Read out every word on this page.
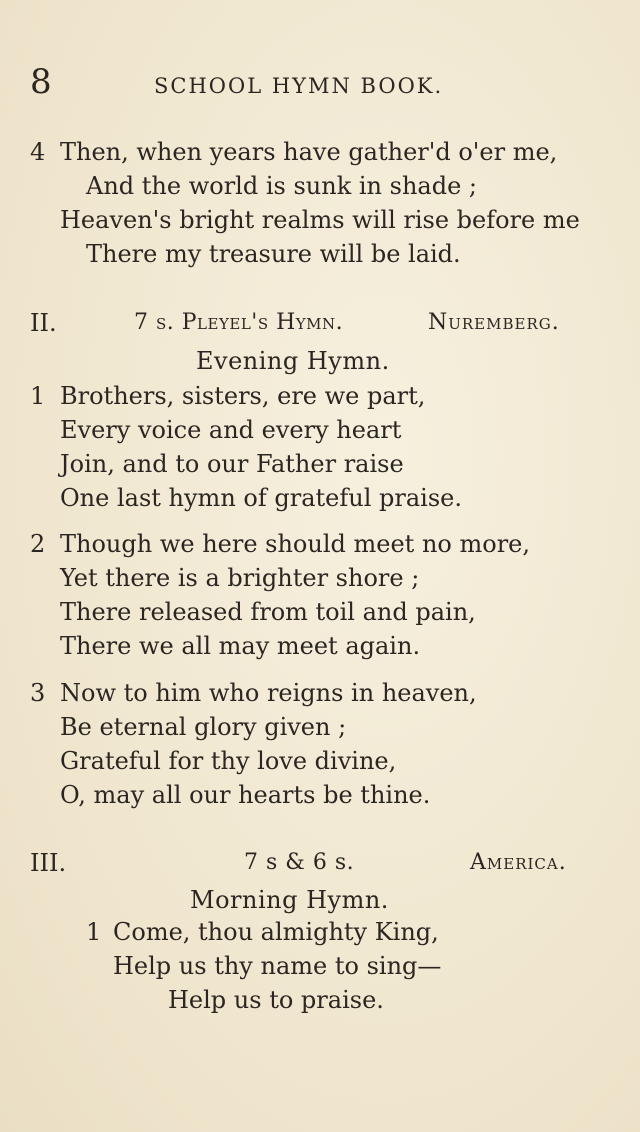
8	SCHOOL HYMN BOOK.
4 Then, when years have gather'd o'er me,
And the world is sunk in shade ;
Heaven's bright realms will rise before me
There my treasure will be laid.
II.	7 s. Pleyel's Hymn.	Nuremberg.
Evening Hymn.
1 Brothers, sisters, ere we part,
Every voice and every heart
Join, and to our Father raise
One last hymn of grateful praise.
2 Though we here should meet no more,
Yet there is a brighter shore ;
There released from toil and pain,
There we all may meet again.
3 Now to him who reigns in heaven,
Be eternal glory given ;
Grateful for thy love divine,
O, may all our hearts be thine.
III.	7 s & 6 s.	America.
Morning Hymn.
1 Come, thou almighty King,
Help us thy name to sing—
Help us to praise.
